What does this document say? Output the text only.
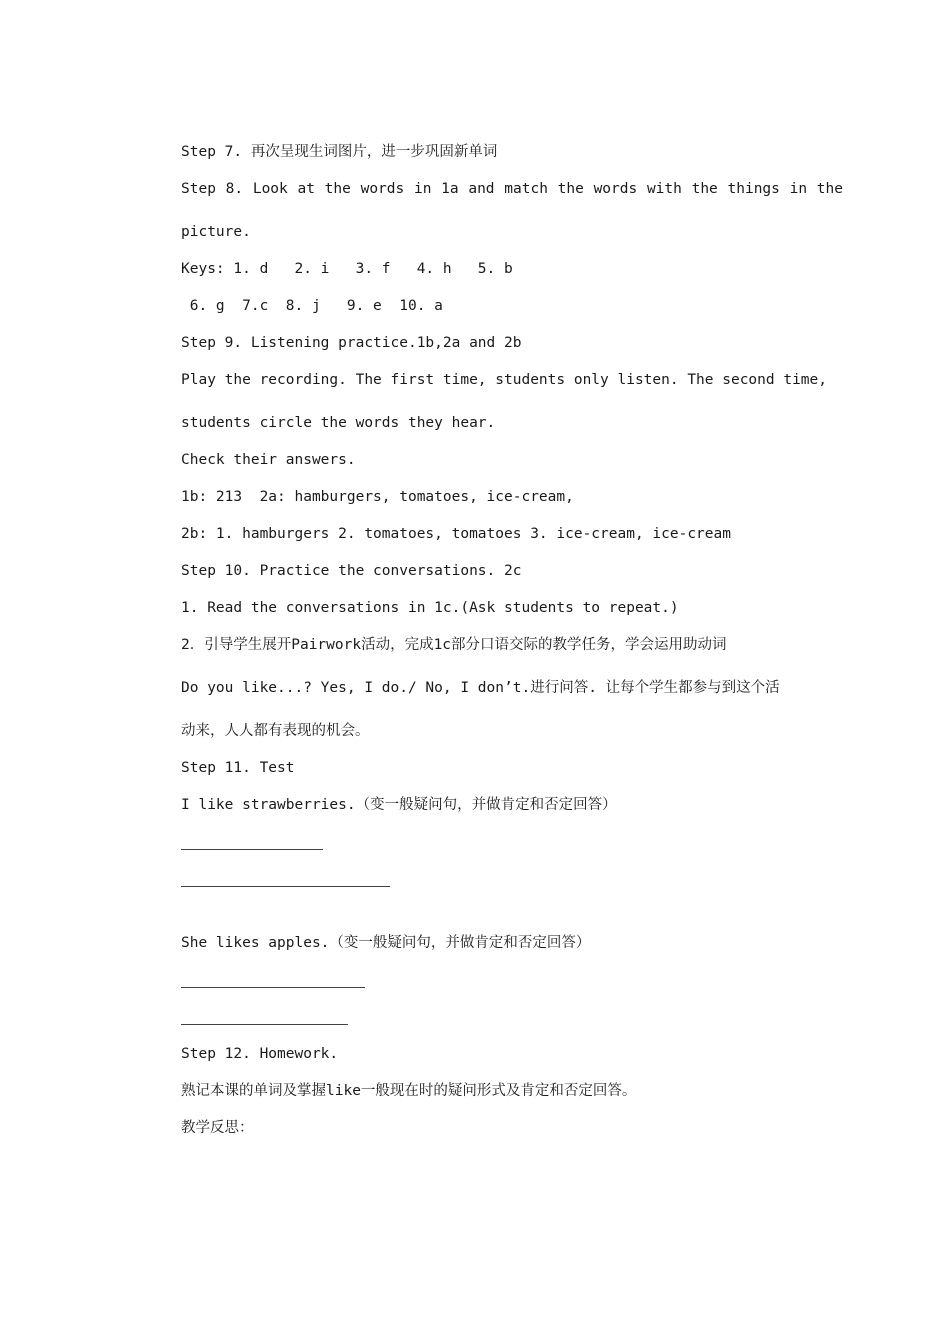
Step 7. 再次呈现生词图片，进一步巩固新单词
Step 8. Look at the words in 1a and match the words with the things in the
picture.
Keys: 1. d   2. i   3. f   4. h   5. b
6. g  7.c  8. j   9. e  10. a
Step 9. Listening practice.1b,2a and 2b
Play the recording. The first time, students only listen. The second time,
students circle the words they hear.
Check their answers.
1b: 213  2a: hamburgers, tomatoes, ice-cream,
2b: 1. hamburgers 2. tomatoes, tomatoes 3. ice-cream, ice-cream
Step 10. Practice the conversations. 2c
1. Read the conversations in 1c.(Ask students to repeat.)
2．引导学生展开Pairwork活动，完成1c部分口语交际的教学任务，学会运用助动词
Do you like...? Yes, I do./ No, I don’t.进行问答. 让每个学生都参与到这个活
动来，人人都有表现的机会。
Step 11. Test
I like strawberries.（变一般疑问句，并做肯定和否定回答）
She likes apples.（变一般疑问句，并做肯定和否定回答）
Step 12. Homework.
熟记本课的单词及掌握like一般现在时的疑问形式及肯定和否定回答。
教学反思：
